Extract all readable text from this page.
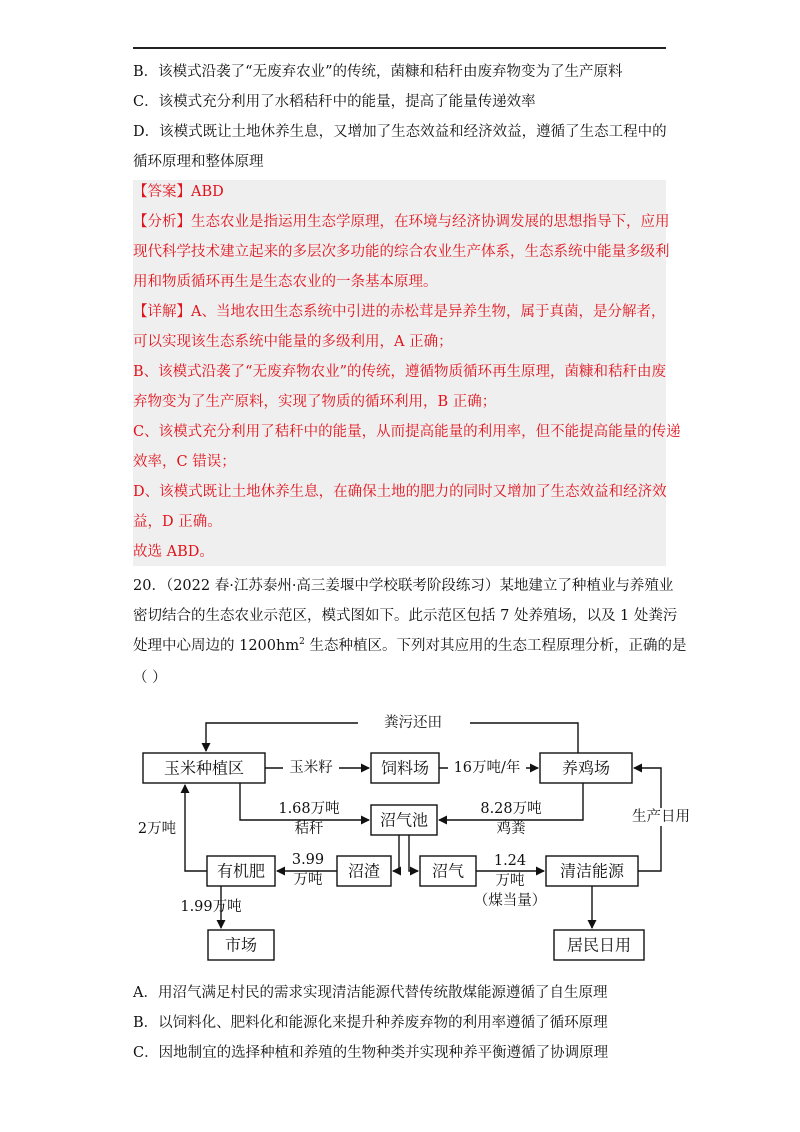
B．该模式沿袭了“无废弃农业”的传统，菌糠和秸秆由废弃物变为了生产原料
C．该模式充分利用了水稻秸秆中的能量，提高了能量传递效率
D．该模式既让土地休养生息，又增加了生态效益和经济效益，遵循了生态工程中的
循环原理和整体原理
【答案】ABD
【分析】生态农业是指运用生态学原理，在环境与经济协调发展的思想指导下，应用
现代科学技术建立起来的多层次多功能的综合农业生产体系，生态系统中能量多级利
用和物质循环再生是生态农业的一条基本原理。
【详解】A、当地农田生态系统中引进的赤松茸是异养生物，属于真菌，是分解者，
可以实现该生态系统中能量的多级利用，A 正确；
B、该模式沿袭了“无废弃物农业”的传统，遵循物质循环再生原理，菌糠和秸秆由废
弃物变为了生产原料，实现了物质的循环利用，B 正确；
C、该模式充分利用了秸秆中的能量，从而提高能量的利用率，但不能提高能量的传递
效率，C 错误；
D、该模式既让土地休养生息，在确保土地的肥力的同时又增加了生态效益和经济效
益，D 正确。
故选 ABD。
20．（2022 春·江苏泰州·高三姜堰中学校联考阶段练习）某地建立了种植业与养殖业
密切结合的生态农业示范区，模式图如下。此示范区包括 7 处养殖场，以及 1 处粪污
处理中心周边的 $1200hm^2$ 生态种植区。下列对其应用的生态工程原理分析，正确的是
（ ）
玉米种植区	饲料场	养鸡场
沼气池
有机肥	沼渣	沼气	清洁能源
市场	居民日用
粪污还田
玉米籽	16万吨/年
1.68万吨
秸秆
8.28万吨
鸡粪
生产日用
2万吨
3.99
万吨
1.24
万吨
（煤当量）
1.99万吨
A．用沼气满足村民的需求实现清洁能源代替传统散煤能源遵循了自生原理
B．以饲料化、肥料化和能源化来提升种养废弃物的利用率遵循了循环原理
C．因地制宜的选择种植和养殖的生物种类并实现种养平衡遵循了协调原理
